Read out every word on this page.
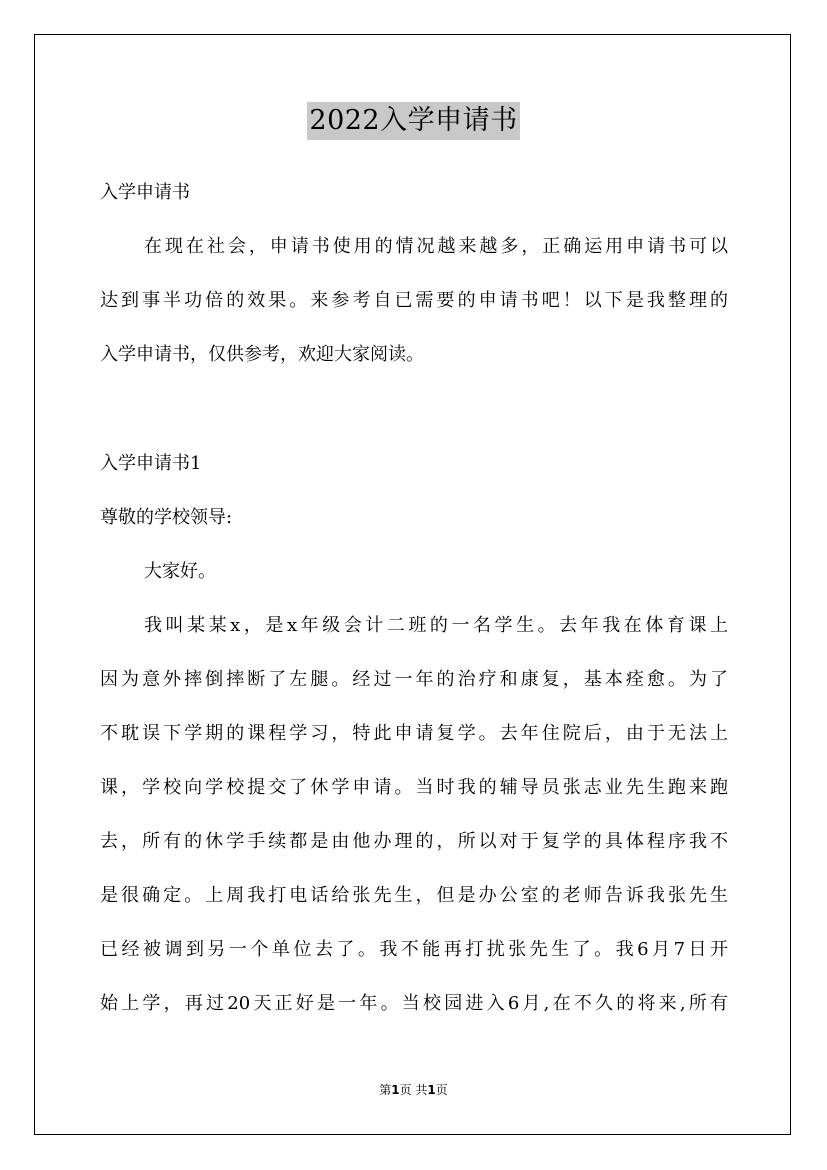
2022入学申请书
入学申请书
在现在社会，申请书使用的情况越来越多，正确运用申请书可以
达到事半功倍的效果。来参考自已需要的申请书吧！以下是我整理的
入学申请书，仅供参考，欢迎大家阅读。
入学申请书1
尊敬的学校领导:
大家好。
我叫某某x，是x年级会计二班的一名学生。去年我在体育课上
因为意外摔倒摔断了左腿。经过一年的治疗和康复，基本痊愈。为了
不耽误下学期的课程学习，特此申请复学。去年住院后，由于无法上
课，学校向学校提交了休学申请。当时我的辅导员张志业先生跑来跑
去，所有的休学手续都是由他办理的，所以对于复学的具体程序我不
是很确定。上周我打电话给张先生，但是办公室的老师告诉我张先生
已经被调到另一个单位去了。我不能再打扰张先生了。我6月7日开
始上学，再过20天正好是一年。当校园进入6月,在不久的将来,所有
第1页 共1页
